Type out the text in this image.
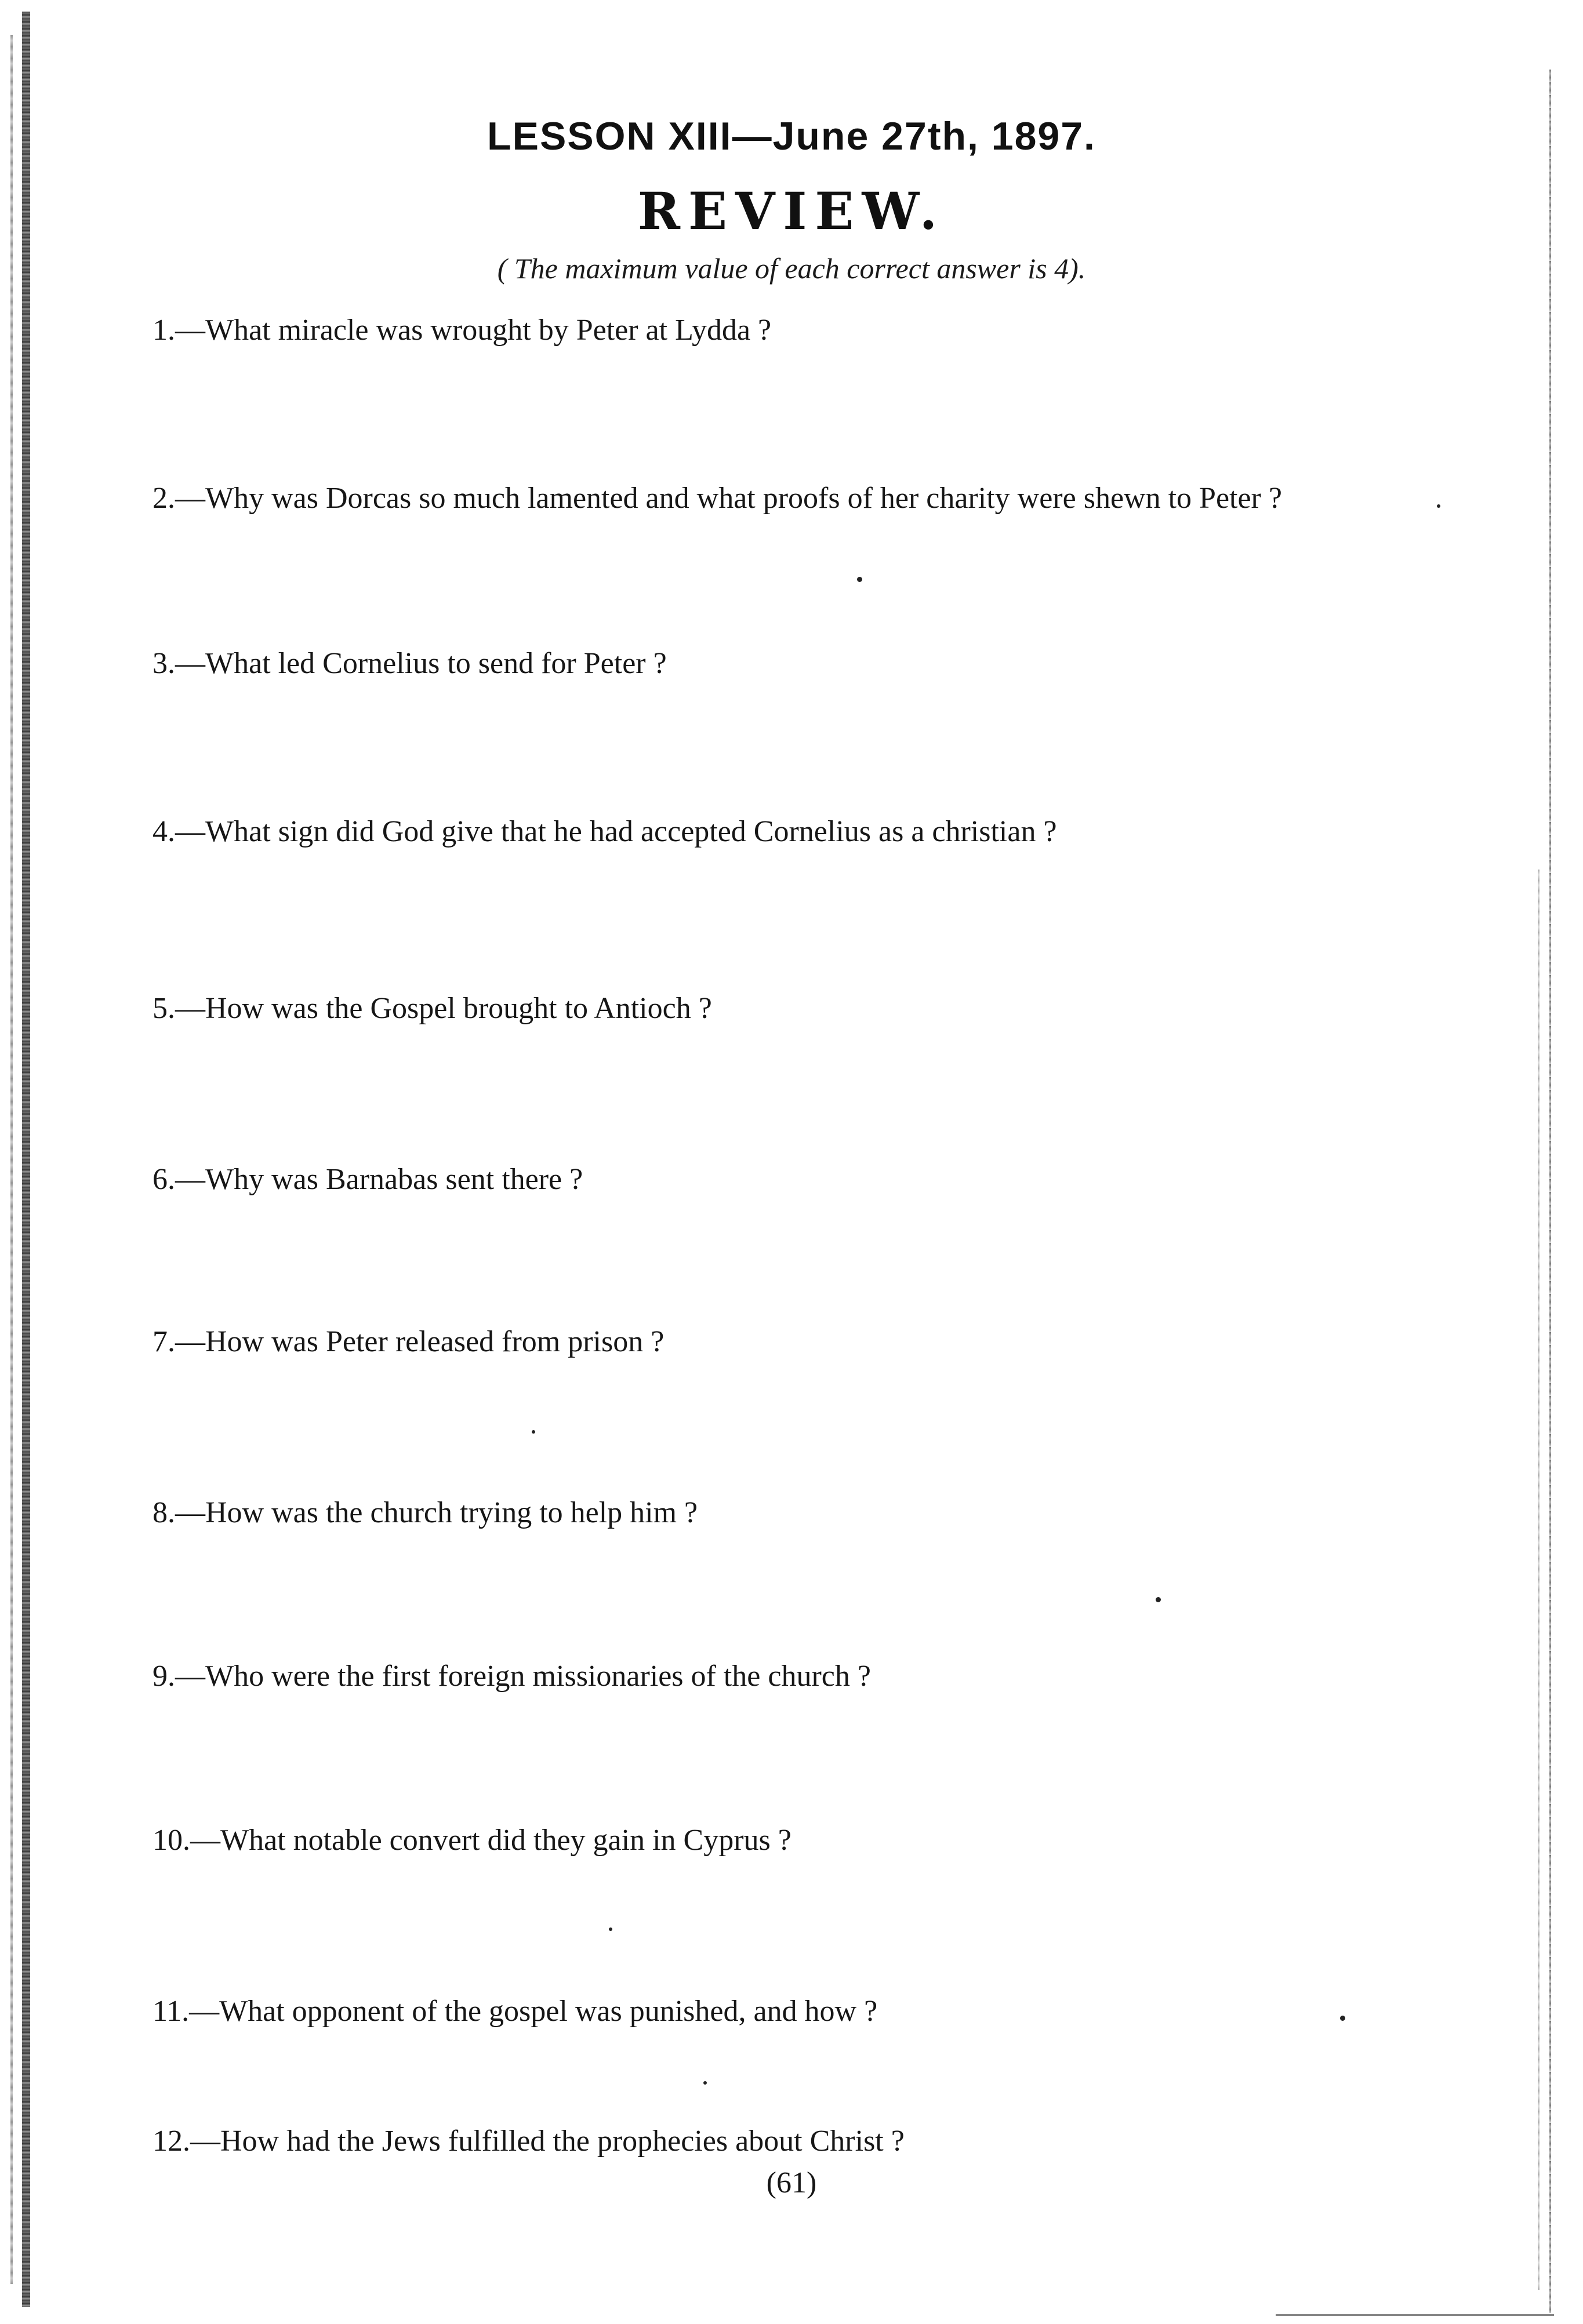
LESSON XIII—June 27th, 1897.
REVIEW.
( The maximum value of each correct answer is 4).
1.—What miracle was wrought by Peter at Lydda ?
2.—Why was Dorcas so much lamented and what proofs of her charity were shewn to Peter ?
3.—What led Cornelius to send for Peter ?
4.—What sign did God give that he had accepted Cornelius as a christian ?
5.—How was the Gospel brought to Antioch ?
6.—Why was Barnabas sent there ?
7.—How was Peter released from prison ?
8.—How was the church trying to help him ?
9.—Who were the first foreign missionaries of the church ?
10.—What notable convert did they gain in Cyprus ?
11.—What opponent of the gospel was punished, and how ?
12.—How had the Jews fulfilled the prophecies about Christ ?
(61)
